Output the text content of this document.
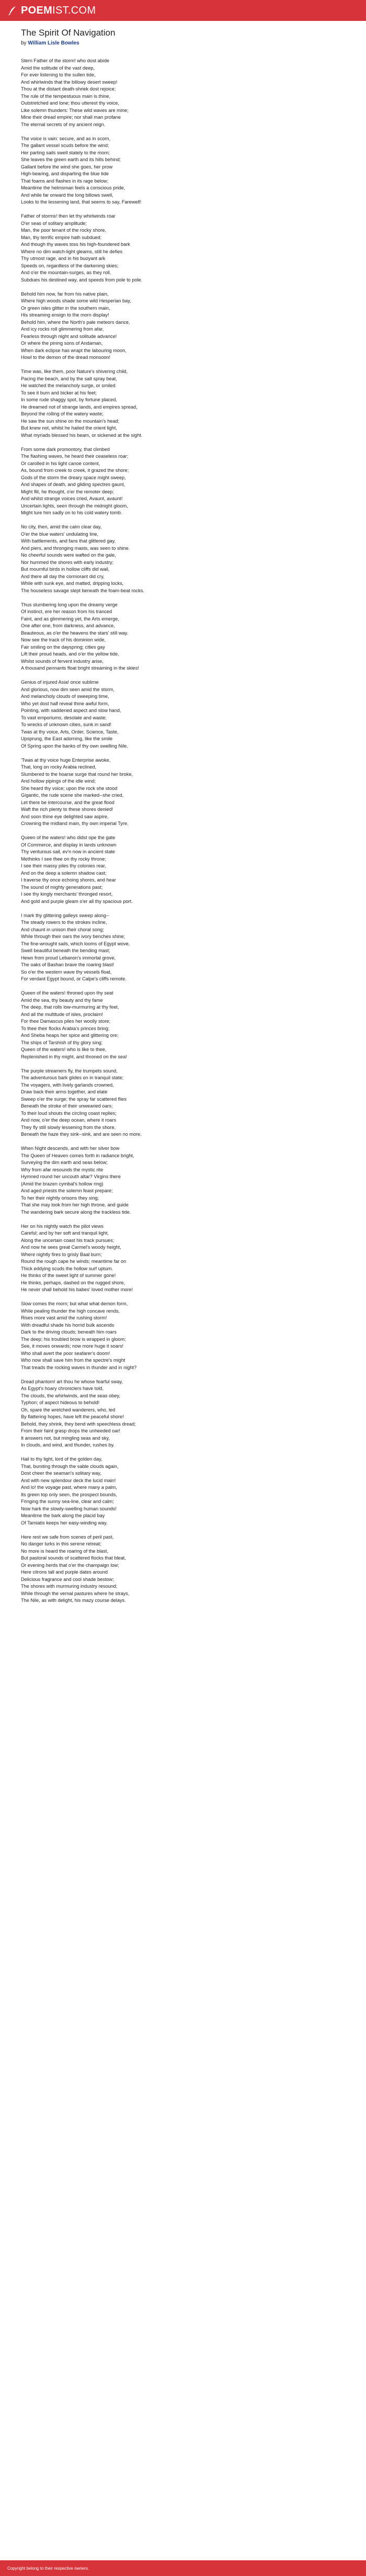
POEMIST.COM
The Spirit Of Navigation

by William Lisle Bowles

Stern Father of the storm! who dost abide
Amid the solitude of the vast deep,
For ever listening to the sullen tide,
And whirlwinds that the billowy desert sweep!
Thou at the distant death-shriek dost rejoice;
The rule of the tempestuous main is thine,
Outstretched and lone; thou utterest thy voice,
Like solemn thunders: These wild waves are mine;
Mine their dread empire; nor shall man profane
The eternal secrets of my ancient reign.
The voice is vain: secure, and as in scorn,
The gallant vessel scuds before the wind;
Her parting sails swell stately to the morn;
She leaves the green earth and its hills behind;
Gallant before the wind she goes, her prow
High-bearing, and disparting the blue tide
That foams and flashes in its rage below;
Meantime the helmsman feels a conscious pride,
And while far onward the long billows swell,
Looks to the lessening land, that seems to say, Farewell!
Father of storms! then let thy whirlwinds roar
O'er seas of solitary amplitude;
Man, the poor tenant of the rocky shore,
Man, thy terrific empire hath subdued;
And though thy waves toss his high-foundered bark
Where no dim watch-light gleams, still he defies
Thy utmost rage, and in his buoyant ark
Speeds on, regardless of the darkening skies;
And o'er the mountain-surges, as they roll,
Subdues his destined way, and speeds from pole to pole.
Behold him now, far from his native plain,
Where high woods shade some wild Hesperian bay,
Or green isles glitter in the southern main,
His streaming ensign to the morn display!
Behold him, where the North's pale meteors dance,
And icy rocks roll glimmering from afar,
Fearless through night and solitude advance!
Or where the pining sons of Andaman,
When dark eclipse has wrapt the labouring moon,
Howl to the demon of the dread monsoon!
Time was, like them, poor Nature's shivering child,
Pacing the beach, and by the salt spray beat,
He watched the melancholy surge, or smiled
To see it burn and bicker at his feet;
In some rude shaggy spot, by fortune placed,
He dreamed not of strange lands, and empires spread,
Beyond the rolling of the watery waste;
He saw the sun shine on the mountain's head;
But knew not, whilst he hailed the orient light,
What myriads blessed his beam, or sickened at the sight.
From some dark promontory, that climbed
The flashing waves, he heard their ceaseless roar;
Or carolled in his light canoe content,
As, bound from creek to creek, it grazed the shore;
Gods of the storm the dreary space might sweep,
And shapes of death, and gliding spectres gaunt,
Might flit, he thought, o'er the remoter deep;
And whilst strange voices cried, Avaunt, avaunt!
Uncertain lights, seen through the midnight gloom,
Might lure him sadly on to his cold watery tomb.
No city, then, amid the calm clear day,
O'er the blue waters' undulating line,
With battlements, and fans that glittered gay,
And piers, and thronging masts, was seen to shine.
No cheerful sounds were wafted on the gale,
Nor hummed the shores with early industry;
But mournful birds in hollow cliffs did wail,
And there all day the cormorant did cry,
While with sunk eye, and matted, dripping locks,
The houseless savage slept beneath the foam-beat rocks.
Thus slumbering long upon the dreamy verge
Of instinct, ere her reason from his tranced
Faint, and as glimmering yet, the Arts emerge,
One after one, from darkness, and advance,
Beauteous, as o'er the heavens the stars' still way.
Now see the track of his dominion wide,
Fair smiling on the dayspring; cities gay
Lift their proud heads, and o'er the yellow tide,
Whilst sounds of fervent industry arise,
A thousand pennants float bright streaming in the skies!
Genius of injured Asia! once sublime
And glorious, now dim seen amid the storm,
And melancholy clouds of sweeping time,
Who yet dost half reveal thine awful form,
Pointing, with saddened aspect and slow hand,
To vast emporiums, desolate and waste;
To wrecks of unknown cities, sunk in sand!
Twas at thy voice, Arts, Order, Science, Taste,
Upsprung, the East adorning, like the smile
Of Spring upon the banks of thy own swelling Nile.
'Twas at thy voice huge Enterprise awoke,
That, long on rocky Arabia reclined,
Slumbered to the hoarse surge that round her broke,
And hollow pipings of the idle wind;
She heard thy voice; upon the rock she stood
Gigantic, the rude scene she marked--she cried,
Let there be intercourse, and the great flood
Waft the rich plenty to these shores denied!
And soon thine eye delighted saw aspire,
Crowning the midland main, thy own imperial Tyre.
Queen of the waters! who didst ope the gate
Of Commerce, and display in lands unknown
Thy venturous sail, ev'n now in ancient state
Methinks I see thee on thy rocky throne;
I see their massy piles thy colonies rear,
And on the deep a solemn shadow cast;
I traverse thy once echoing shores, and hear
The sound of mighty generations past;
I see thy kingly merchants' thronged resort,
And gold and purple gleam o'er all thy spacious port.
I mark thy glittering galleys sweep along--
The steady rowers to the strokes incline,
And chaunt in unison their choral song;
While through their oars the ivory benches shine;
The fine-wrought sails, which looms of Egypt wove,
Swell beautiful beneath the bending mast;
Hewn from proud Lebanon's immortal grove,
The oaks of Bashan brave the roaring blast!
So o'er the western wave thy vessels float,
For verdant Egypt bound, or Calpe's cliffs remote.
Queen of the waters! throned upon thy seat
Amid the sea, thy beauty and thy fame
The deep, that rolls low-murmuring at thy feet,
And all the multitude of isles, proclaim!
For thee Damascus piles her woolly store;
To thee their flocks Arabia's princes bring;
And Sheba heaps her spice and glittering ore;
The ships of Tarshish of thy glory sing;
Queen of the waters! who is like to thee,
Replenished in thy might, and throned on the sea!
The purple streamers fly, the trumpets sound,
The adventurous bark glides on in tranquil state;
The voyagers, with lively garlands crowned,
Draw back their arms together, and elate
Sweep o'er the surge; the spray far scattered flies
Beneath the stroke of their unwearied oars;
To their loud shouts the circling coast replies;
And now, o'er the deep ocean, where it roars
They fly still slowly lessening from the shore,
Beneath the haze they sink--sink, and are seen no more.
When Night descends, and with her silver bow
The Queen of Heaven comes forth in radiance bright,
Surveying the dim earth and seas below;
Why from afar resounds the mystic rite
Hymned round her uncouth altar? Virgins there
(Amid the brazen cymbal's hollow ring)
And aged priests the solemn feast prepare;
To her their nightly orisons they sing;
That she may look from her high throne, and guide
The wandering bark secure along the trackless tide.
Her on his nightly watch the pilot views
Careful; and by her soft and tranquil light,
Along the uncertain coast his track pursues;
And now he sees great Carmel's woody height,
Where nightly fires to grisly Baal burn;
Round the rough cape he winds; meantime far on
Thick eddying scuds the hollow surf upturn.
He thinks of the sweet light of summer gone!
He thinks, perhaps, dashed on the rugged shore,
He never shall behold his babes' loved mother more!
Slow comes the morn; but what what demon form,
While pealing thunder the high concave rends,
Rises more vast amid the rushing storm!
With dreadful shade his horrid bulk ascends
Dark to the driving clouds; beneath him roars
The deep; his troubled brow is wrapped in gloom;
See, it moves onwards; now more huge it soars!
Who shall avert the poor seafarer's doom!
Who now shall save him from the spectre's might
That treads the rocking waves in thunder and in night?
Dread phantom! art thou he whose fearful sway,
As Egypt's hoary chroniclers have told,
The clouds, the whirlwinds, and the seas obey,
Typhon; of aspect hideous to behold!
Oh, spare the wretched wanderers, who, led
By flattering hopes, have left the peaceful shore!
Behold, they shrink, they bend with speechless dread;
From their faint grasp drops the unheeded oar!
It answers not, but mingling seas and sky,
In clouds, and wind, and thunder, rushes by.
Hail to thy light, lord of the golden day,
That, bursting through the sable clouds again,
Dost cheer the seaman's solitary way,
And with new splendour deck the lucid main!
And lo! the voyage past, where many a palm,
Its green top only seen, the prospect bounds,
Fringing the sunny sea-line, clear and calm;
Now hark the slowly-swelling human sounds!
Meantime the bark along the placid bay
Of Tamiatis keeps her easy-winding way.
Here rest we safe from scenes of peril past,
No danger lurks in this serene retreat;
No more is heard the roaring of the blast,
But pastoral sounds of scattered flocks that bleat,
Or evening herds that o'er the champaign low;
Here citrons tall and purple dates around
Delicious fragrance and cool shade bestow;
The shores with murmuring industry resound;
While through the vernal pastures where he strays,
The Nile, as with delight, his mazy course delays.
Copyright belong to their respective owners.
